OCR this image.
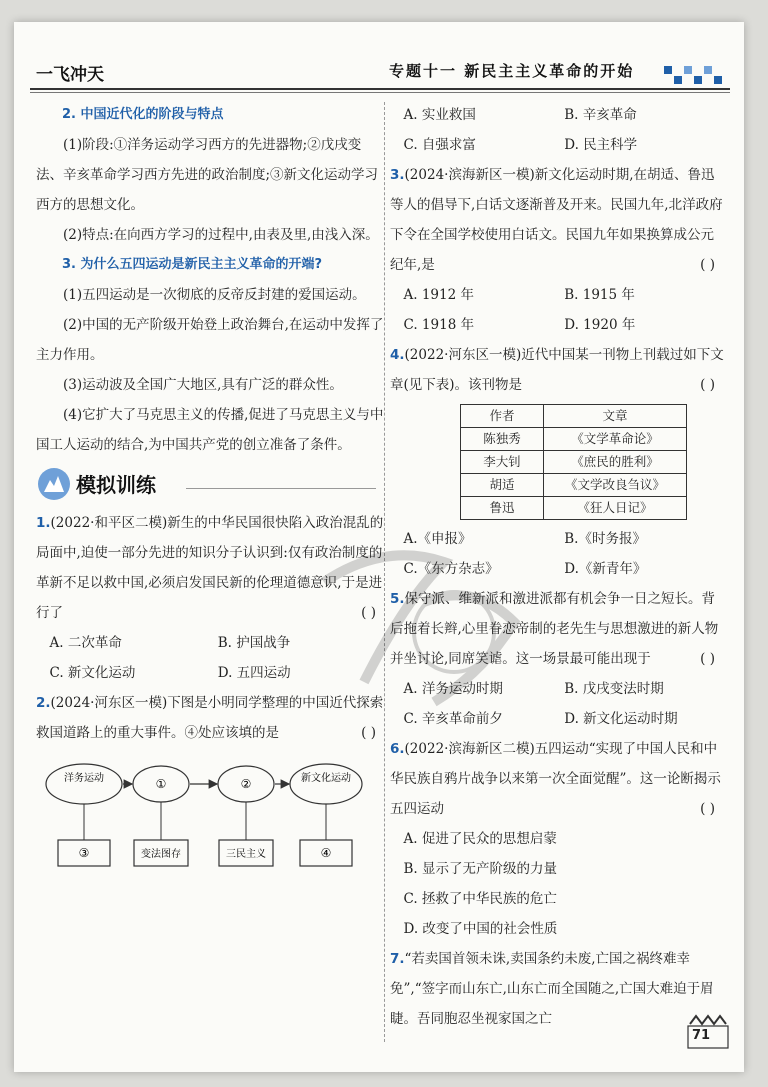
一飞冲天	专题十一 新民主主义革命的开始
2. 中国近代化的阶段与特点

(1)阶段:①洋务运动学习西方的先进器物;②戊戌变法、辛亥革命学习西方先进的政治制度;③新文化运动学习西方的思想文化。

(2)特点:在向西方学习的过程中,由表及里,由浅入深。

3. 为什么五四运动是新民主主义革命的开端?

(1)五四运动是一次彻底的反帝反封建的爱国运动。

(2)中国的无产阶级开始登上政治舞台,在运动中发挥了主力作用。

(3)运动波及全国广大地区,具有广泛的群众性。

(4)它扩大了马克思主义的传播,促进了马克思主义与中国工人运动的结合,为中国共产党的创立准备了条件。

模拟训练

1.(2022·和平区二模)新生的中华民国很快陷入政治混乱的局面中,迫使一部分先进的知识分子认识到:仅有政治制度的革新不足以救中国,必须启发国民新的伦理道德意识,于是进行了	( )

A. 二次革命	B. 护国战争
C. 新文化运动	D. 五四运动

2.(2024·河东区一模)下图是小明同学整理的中国近代探索救国道路上的重大事件。④处应该填的是	( )

洋务运动	①	②	新文化运动
③	变法图存	三民主义	④
A. 实业救国	B. 辛亥革命
C. 自强求富	D. 民主科学

3.(2024·滨海新区一模)新文化运动时期,在胡适、鲁迅等人的倡导下,白话文逐渐普及开来。民国九年,北洋政府下令在全国学校使用白话文。民国九年如果换算成公元纪年,是	( )

A. 1912 年	B. 1915 年
C. 1918 年	D. 1920 年

4.(2022·河东区一模)近代中国某一刊物上刊载过如下文章(见下表)。该刊物是	( )

作者	文章
陈独秀	《文学革命论》
李大钊	《庶民的胜利》
胡适	《文学改良刍议》
鲁迅	《狂人日记》
A.《申报》	B.《时务报》
C.《东方杂志》	D.《新青年》

5.保守派、维新派和激进派都有机会争一日之短长。背后拖着长辫,心里眷恋帝制的老先生与思想激进的新人物并坐讨论,同席笑谑。这一场景最可能出现于	( )

A. 洋务运动时期	B. 戊戌变法时期
C. 辛亥革命前夕	D. 新文化运动时期

6.(2022·滨海新区二模)五四运动“实现了中国人民和中华民族自鸦片战争以来第一次全面觉醒”。这一论断揭示五四运动	( )

A. 促进了民众的思想启蒙
B. 显示了无产阶级的力量
C. 拯救了中华民族的危亡
D. 改变了中国的社会性质

7.“若卖国首领未诛,卖国条约未废,亡国之祸终难幸免”,“签字而山东亡,山东亡而全国随之,亡国大难迫于眉睫。吾同胞忍坐视家国之亡

71
